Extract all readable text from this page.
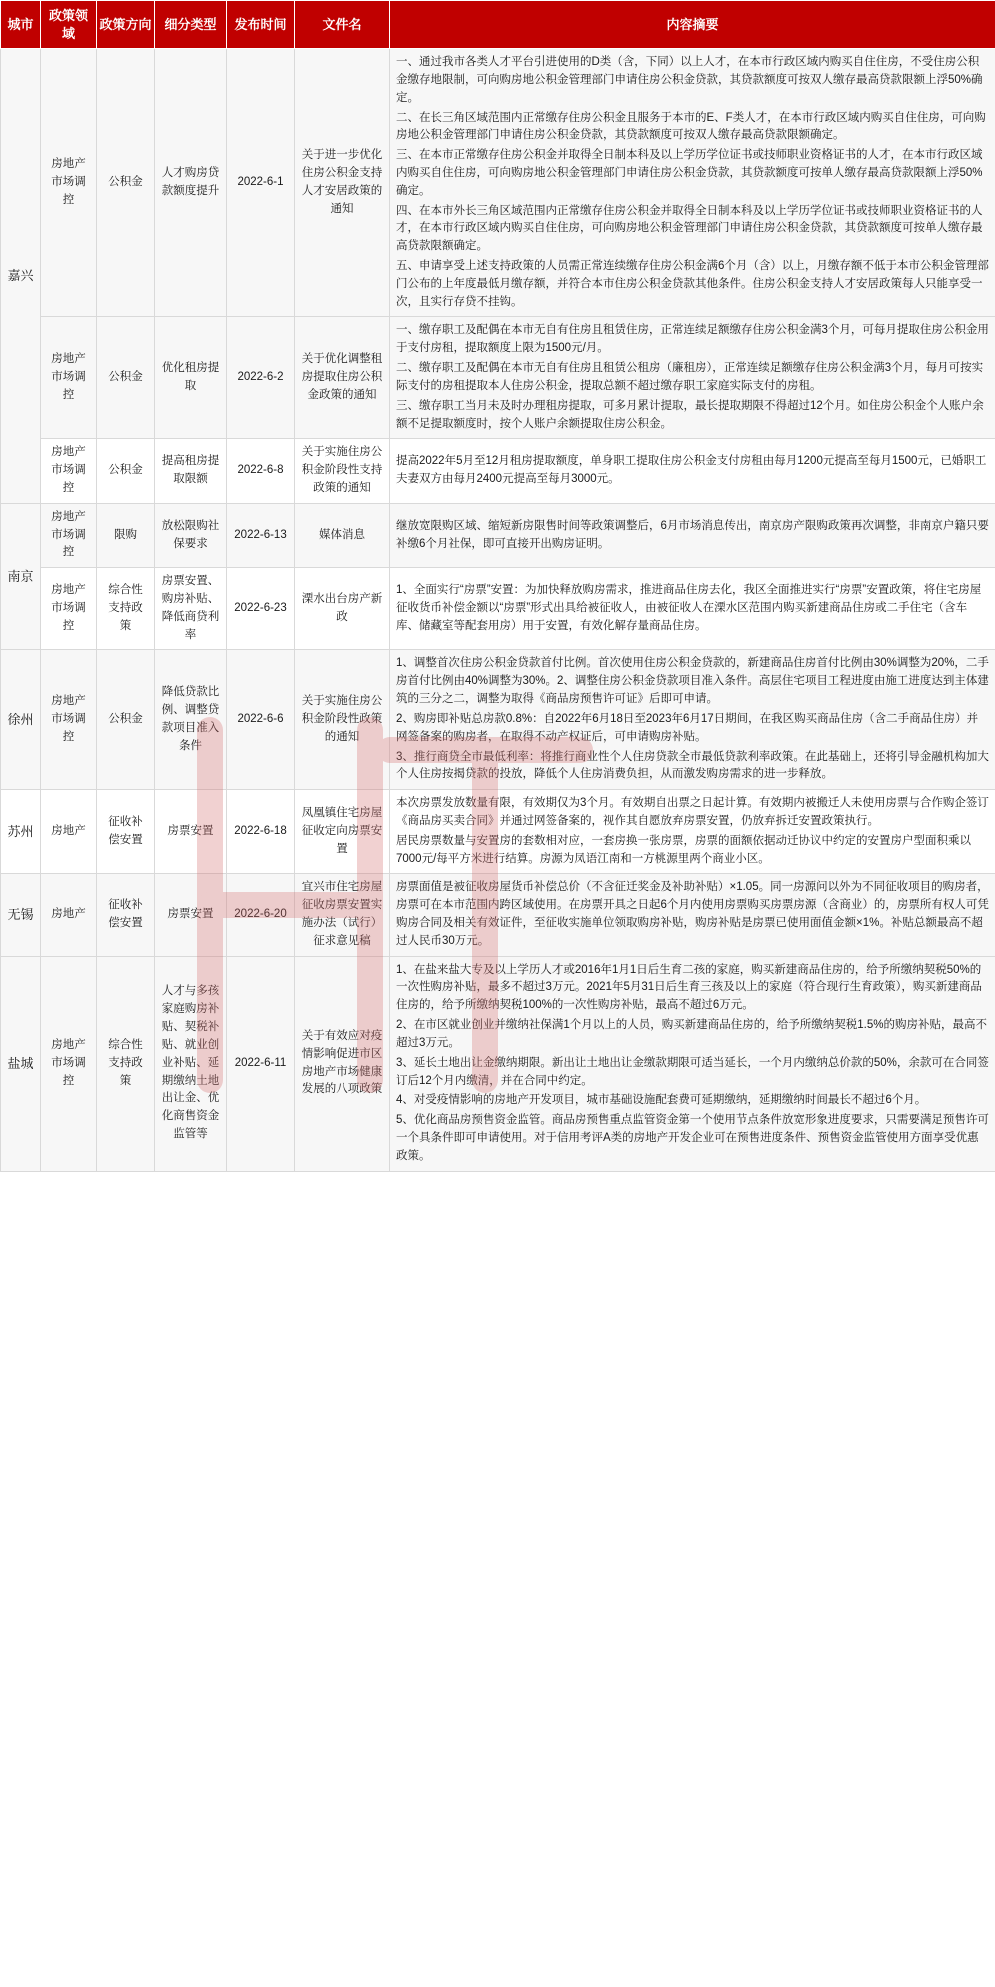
城市	政策领域	政策方向	细分类型	发布时间	文件名	内容摘要
嘉兴	房地产市场调控	公积金	人才购房贷款额度提升	2022-6-1	关于进一步优化住房公积金支持人才安居政策的通知	一、通过我市各类人才平台引进使用的D类（含，下同）以上人才，在本市行政区域内购买自住住房，不受住房公积金缴存地限制，可向购房地公积金管理部门申请住房公积金贷款，其贷款额度可按双人缴存最高贷款限额上浮50%确定。

二、在长三角区域范围内正常缴存住房公积金且服务于本市的E、F类人才，在本市行政区域内购买自住住房，可向购房地公积金管理部门申请住房公积金贷款，其贷款额度可按双人缴存最高贷款限额确定。

三、在本市正常缴存住房公积金并取得全日制本科及以上学历学位证书或技师职业资格证书的人才，在本市行政区域内购买自住住房，可向购房地公积金管理部门申请住房公积金贷款，其贷款额度可按单人缴存最高贷款限额上浮50%确定。

四、在本市外长三角区域范围内正常缴存住房公积金并取得全日制本科及以上学历学位证书或技师职业资格证书的人才，在本市行政区域内购买自住住房，可向购房地公积金管理部门申请住房公积金贷款，其贷款额度可按单人缴存最高贷款限额确定。

五、申请享受上述支持政策的人员需正常连续缴存住房公积金满6个月（含）以上，月缴存额不低于本市公积金管理部门公布的上年度最低月缴存额，并符合本市住房公积金贷款其他条件。住房公积金支持人才安居政策每人只能享受一次，且实行存贷不挂钩。

	房地产市场调控	公积金	优化租房提取	2022-6-2	关于优化调整租房提取住房公积金政策的通知	一、缴存职工及配偶在本市无自有住房且租赁住房，正常连续足额缴存住房公积金满3个月，可每月提取住房公积金用于支付房租，提取额度上限为1500元/月。

二、缴存职工及配偶在本市无自有住房且租赁公租房（廉租房），正常连续足额缴存住房公积金满3个月，每月可按实际支付的房租提取本人住房公积金，提取总额不超过缴存职工家庭实际支付的房租。

三、缴存职工当月未及时办理租房提取，可多月累计提取，最长提取期限不得超过12个月。如住房公积金个人账户余额不足提取额度时，按个人账户余额提取住房公积金。

	房地产市场调控	公积金	提高租房提取限额	2022-6-8	关于实施住房公积金阶段性支持政策的通知	提高2022年5月至12月租房提取额度，单身职工提取住房公积金支付房租由每月1200元提高至每月1500元，已婚职工夫妻双方由每月2400元提高至每月3000元。

南京	房地产市场调控	限购	放松限购社保要求	2022-6-13	媒体消息	继放宽限购区域、缩短新房限售时间等政策调整后，6月市场消息传出，南京房产限购政策再次调整，非南京户籍只要补缴6个月社保，即可直接开出购房证明。

	房地产市场调控	综合性支持政策	房票安置、购房补贴、降低商贷利率	2022-6-23	溧水出台房产新政	1、全面实行“房票”安置：为加快释放购房需求，推进商品住房去化，我区全面推进实行“房票”安置政策，将住宅房屋征收货币补偿金额以“房票”形式出具给被征收人，由被征收人在溧水区范围内购买新建商品住房或二手住宅（含车库、储藏室等配套用房）用于安置，有效化解存量商品住房。

徐州	房地产市场调控	公积金	降低贷款比例、调整贷款项目准入条件	2022-6-6	关于实施住房公积金阶段性政策的通知	1、调整首次住房公积金贷款首付比例。首次使用住房公积金贷款的，新建商品住房首付比例由30%调整为20%，二手房首付比例由40%调整为30%。2、调整住房公积金贷款项目准入条件。高层住宅项目工程进度由施工进度达到主体建筑的三分之二，调整为取得《商品房预售许可证》后即可申请。

2、购房即补贴总房款0.8%：自2022年6月18日至2023年6月17日期间，在我区购买商品住房（含二手商品住房）并网签备案的购房者，在取得不动产权证后，可申请购房补贴。

3、推行商贷全市最低利率：将推行商业性个人住房贷款全市最低贷款利率政策。在此基础上，还将引导金融机构加大个人住房按揭贷款的投放，降低个人住房消费负担，从而激发购房需求的进一步释放。

苏州	房地产	征收补偿安置	房票安置	2022-6-18	凤凰镇住宅房屋征收定向房票安置	本次房票发放数量有限，有效期仅为3个月。有效期自出票之日起计算。有效期内被搬迁人未使用房票与合作购企签订《商品房买卖合同》并通过网签备案的，视作其自愿放弃房票安置，仍放弃拆迁安置政策执行。

居民房票数量与安置房的套数相对应，一套房换一张房票，房票的面额依据动迁协议中约定的安置房户型面积乘以7000元/每平方米进行结算。房源为凤语江南和一方桃源里两个商业小区。

无锡	房地产	征收补偿安置	房票安置	2022-6-20	宜兴市住宅房屋征收房票安置实施办法（试行）征求意见稿	房票面值是被征收房屋货币补偿总价（不含征迁奖金及补助补贴）×1.05。同一房源问以外为不同征收项目的购房者，房票可在本市范围内跨区域使用。在房票开具之日起6个月内使用房票购买房票房源（含商业）的，房票所有权人可凭购房合同及相关有效证件，至征收实施单位领取购房补贴，购房补贴是房票已使用面值金额×1%。补贴总额最高不超过人民币30万元。

盐城	房地产市场调控	综合性支持政策	人才与多孩家庭购房补贴、契税补贴、就业创业补贴、延期缴纳土地出让金、优化商售资金监管等	2022-6-11	关于有效应对疫情影响促进市区房地产市场健康发展的八项政策	1、在盐来盐大专及以上学历人才或2016年1月1日后生育二孩的家庭，购买新建商品住房的，给予所缴纳契税50%的一次性购房补贴，最多不超过3万元。2021年5月31日后生育三孩及以上的家庭（符合现行生育政策），购买新建商品住房的，给予所缴纳契税100%的一次性购房补贴，最高不超过6万元。

2、在市区就业创业并缴纳社保满1个月以上的人员，购买新建商品住房的，给予所缴纳契税1.5%的购房补贴，最高不超过3万元。

3、延长土地出让金缴纳期限。新出让土地出让金缴款期限可适当延长，一个月内缴纳总价款的50%，余款可在合同签订后12个月内缴清，并在合同中约定。

4、对受疫情影响的房地产开发项目，城市基础设施配套费可延期缴纳，延期缴纳时间最长不超过6个月。

5、优化商品房预售资金监管。商品房预售重点监管资金第一个使用节点条件放宽形象进度要求，只需要满足预售许可一个具条件即可申请使用。对于信用考评A类的房地产开发企业可在预售进度条件、预售资金监管使用方面享受优惠政策。
